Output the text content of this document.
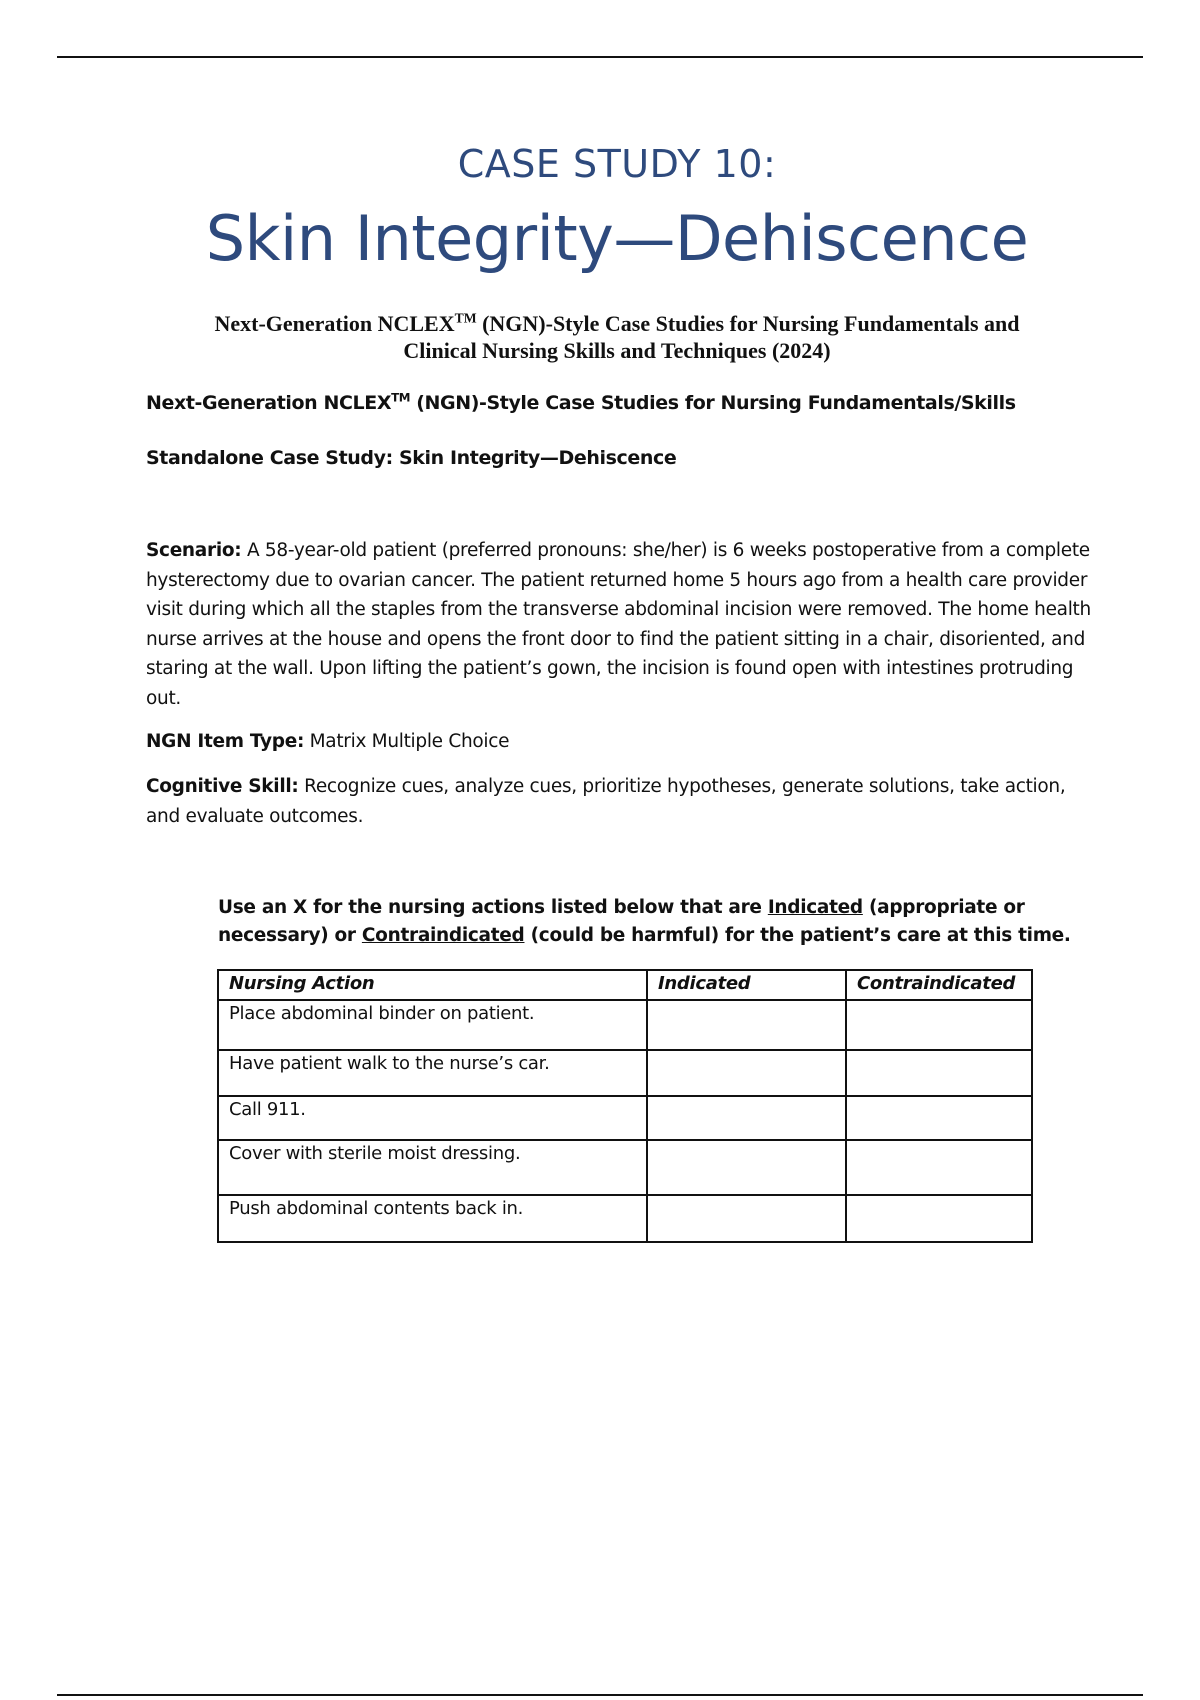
CASE STUDY 10:
Skin Integrity—Dehiscence
Next-Generation NCLEX™ (NGN)-Style Case Studies for Nursing Fundamentals and
Clinical Nursing Skills and Techniques (2024)
Next-Generation NCLEX™ (NGN)-Style Case Studies for Nursing Fundamentals/Skills
Standalone Case Study: Skin Integrity—Dehiscence
Scenario: A 58-year-old patient (preferred pronouns: she/her) is 6 weeks postoperative from a complete hysterectomy due to ovarian cancer. The patient returned home 5 hours ago from a health care provider visit during which all the staples from the transverse abdominal incision were removed. The home health nurse arrives at the house and opens the front door to find the patient sitting in a chair, disoriented, and staring at the wall. Upon lifting the patient’s gown, the incision is found open with intestines protruding out.
NGN Item Type: Matrix Multiple Choice
Cognitive Skill: Recognize cues, analyze cues, prioritize hypotheses, generate solutions, take action, and evaluate outcomes.
Use an X for the nursing actions listed below that are Indicated (appropriate or necessary) or Contraindicated (could be harmful) for the patient’s care at this time.
Nursing Action	Indicated	Contraindicated
Place abdominal binder on patient.		
Have patient walk to the nurse’s car.		
Call 911.		
Cover with sterile moist dressing.		
Push abdominal contents back in.		
